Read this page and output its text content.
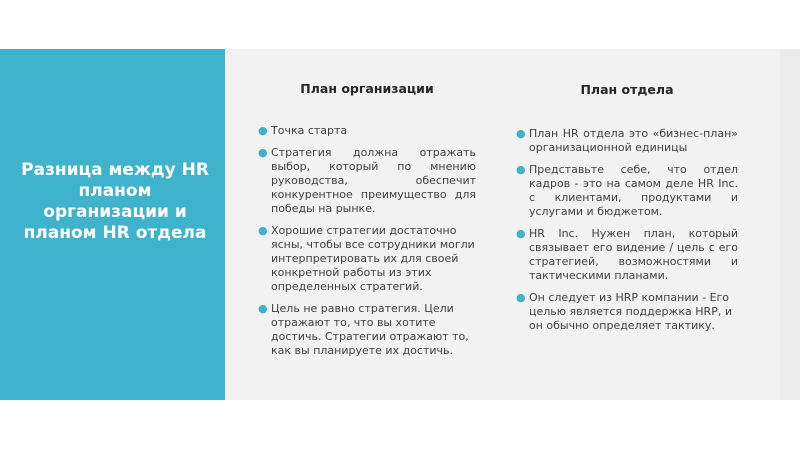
Разница между HR планом организации и планом HR отдела
План организации
● Точка старта
● Стратегия должна отражать выбор, который по мнению руководства, обеспечит конкурентное преимущество для победы на рынке.
● Хорошие стратегии достаточно ясны, чтобы все сотрудники могли интерпретировать их для своей конкретной работы из этих определенных стратегий.
● Цель не равно стратегия. Цели отражают то, что вы хотите достичь. Стратегии отражают то, как вы планируете их достичь.
План отдела
● План HR отдела это «бизнес-план» организационной единицы
● Представьте себе, что отдел кадров - это на самом деле HR Inc. с клиентами, продуктами и услугами и бюджетом.
● HR Inc. Нужен план, который связывает его видение / цель с его стратегией, возможностями и тактическими планами.
● Он следует из HRP компании - Его целью является поддержка HRP, и он обычно определяет тактику.
